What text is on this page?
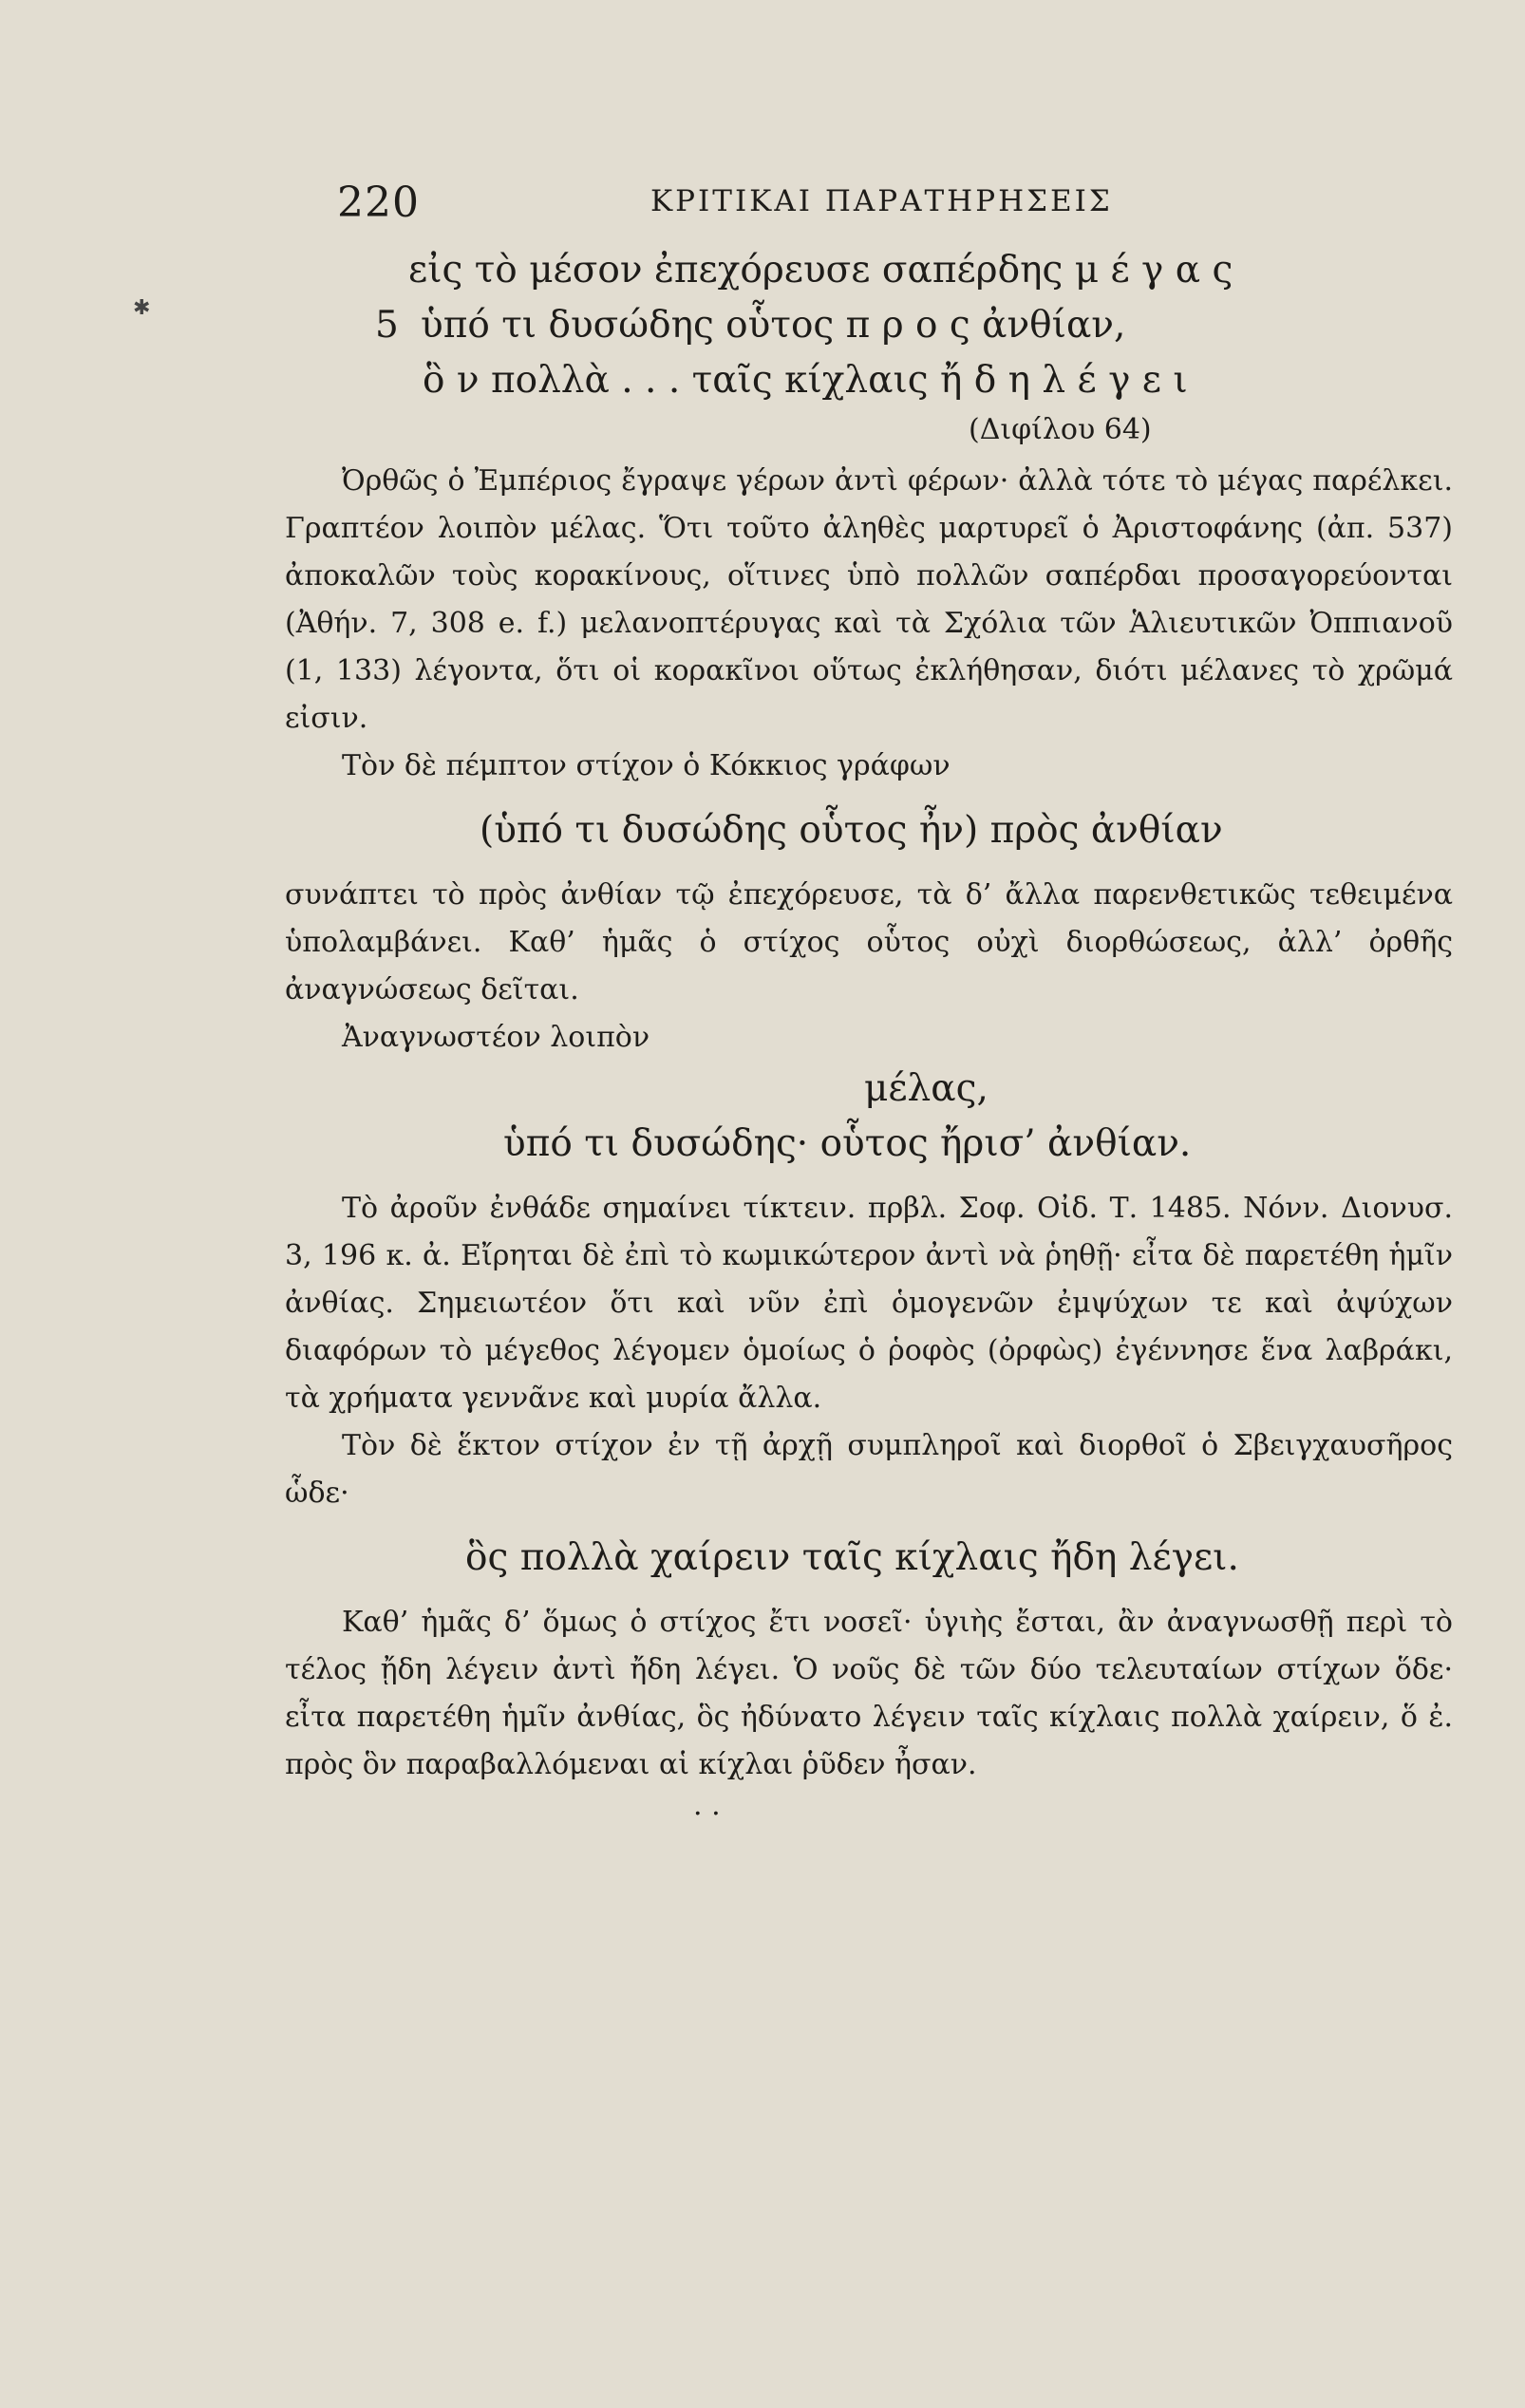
220	ΚΡΙΤΙΚΑΙ ΠΑΡΑΤΗΡΗΣΕΙΣ
εἰς τὸ μέσον ἐπεχόρευσε σαπέρδης μ έ γ α ς
5 ὑπό τι δυσώδης οὗτος π ρ ο ς ἀνθίαν,
ὃ ν πολλὰ . . . ταῖς κίχλαις ἤ δ η λ έ γ ε ι
(Διφίλου 64)

Ὀρθῶς ὁ Ἐμπέριος ἔγραψε γέρων ἀντὶ φέρων· ἀλλὰ τότε τὸ μέγας παρέλκει. Γραπτέον λοιπὸν μέλας. Ὅτι τοῦτο ἀληθὲς μαρτυρεῖ ὁ Ἀριστοφάνης (ἀπ. 537) ἀποκαλῶν τοὺς κορακίνους, οἵτινες ὑπὸ πολλῶν σαπέρδαι προσαγορεύονται (Ἀθήν. 7, 308 e. f.) μελανοπτέρυγας καὶ τὰ Σχόλια τῶν Ἁλιευτικῶν Ὀππιανοῦ (1, 133) λέγοντα, ὅτι οἱ κορακῖνοι οὕτως ἐκλήθησαν, διότι μέλανες τὸ χρῶμά εἰσιν.

Τὸν δὲ πέμπτον στίχον ὁ Κόκκιος γράφων

(ὑπό τι δυσώδης οὗτος ἦν) πρὸς ἀνθίαν

συνάπτει τὸ πρὸς ἀνθίαν τῷ ἐπεχόρευσε, τὰ δ’ ἄλλα παρενθετικῶς τεθειμένα ὑπολαμβάνει. Καθ’ ἡμᾶς ὁ στίχος οὗτος οὐχὶ διορθώσεως, ἀλλ’ ὀρθῆς ἀναγνώσεως δεῖται.

Ἀναγνωστέον λοιπὸν

μέλας,
ὑπό τι δυσώδης· οὗτος ἤρισ’ ἀνθίαν.

Τὸ ἀροῦν ἐνθάδε σημαίνει τίκτειν. πρβλ. Σοφ. Οἰδ. Τ. 1485. Νόνν. Διονυσ. 3, 196 κ. ἀ. Εἴρηται δὲ ἐπὶ τὸ κωμικώτερον ἀντὶ νὰ ῥηθῇ· εἶτα δὲ παρετέθη ἡμῖν ἀνθίας. Σημειωτέον ὅτι καὶ νῦν ἐπὶ ὁμογενῶν ἐμψύχων τε καὶ ἀψύχων διαφόρων τὸ μέγεθος λέγομεν ὁμοίως ὁ ῥοφὸς (ὀρφὼς) ἐγέννησε ἕνα λαβράκι, τὰ χρήματα γεννᾶνε καὶ μυρία ἄλλα.

Τὸν δὲ ἕκτον στίχον ἐν τῇ ἀρχῇ συμπληροῖ καὶ διορθοῖ ὁ Σβειγχαυσῆρος ὧδε·

ὃς πολλὰ χαίρειν ταῖς κίχλαις ἤδη λέγει.

Καθ’ ἡμᾶς δ’ ὅμως ὁ στίχος ἔτι νοσεῖ· ὑγιὴς ἔσται, ἂν ἀναγνωσθῇ περὶ τὸ τέλος ᾔδη λέγειν ἀντὶ ἤδη λέγει. Ὁ νοῦς δὲ τῶν δύο τελευταίων στίχων ὅδε· εἶτα παρετέθη ἡμῖν ἀνθίας, ὃς ἠδύνατο λέγειν ταῖς κίχλαις πολλὰ χαίρειν, ὅ ἐ. πρὸς ὃν παραβαλλόμεναι αἱ κίχλαι ῥῦδεν ἦσαν.

. .
✱
